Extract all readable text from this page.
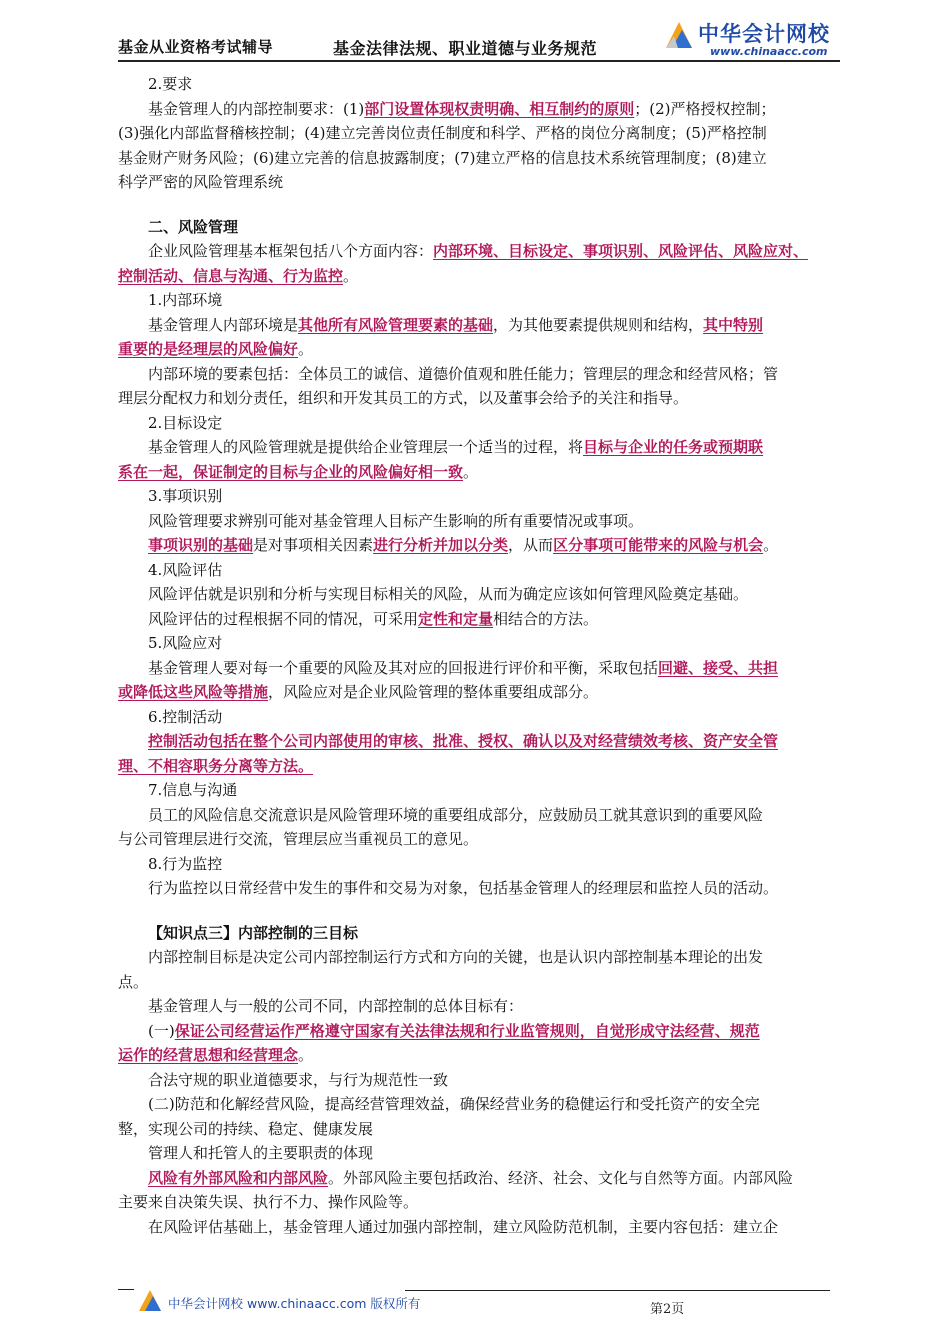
基金从业资格考试辅导	基金法律法规、职业道德与业务规范
中华会计网校
www.chinaacc.com
2.要求
基金管理人的内部控制要求：(1)部门设置体现权责明确、相互制约的原则；(2)严格授权控制；
(3)强化内部监督稽核控制；(4)建立完善岗位责任制度和科学、严格的岗位分离制度；(5)严格控制
基金财产财务风险；(6)建立完善的信息披露制度；(7)建立严格的信息技术系统管理制度；(8)建立
科学严密的风险管理系统
二、风险管理
企业风险管理基本框架包括八个方面内容：内部环境、目标设定、事项识别、风险评估、风险应对、
控制活动、信息与沟通、行为监控。
1.内部环境
基金管理人内部环境是其他所有风险管理要素的基础，为其他要素提供规则和结构，其中特别
重要的是经理层的风险偏好。
内部环境的要素包括：全体员工的诚信、道德价值观和胜任能力；管理层的理念和经营风格；管
理层分配权力和划分责任，组织和开发其员工的方式，以及董事会给予的关注和指导。
2.目标设定
基金管理人的风险管理就是提供给企业管理层一个适当的过程，将目标与企业的任务或预期联
系在一起，保证制定的目标与企业的风险偏好相一致。
3.事项识别
风险管理要求辨别可能对基金管理人目标产生影响的所有重要情况或事项。
事项识别的基础是对事项相关因素进行分析并加以分类，从而区分事项可能带来的风险与机会。
4.风险评估
风险评估就是识别和分析与实现目标相关的风险，从而为确定应该如何管理风险奠定基础。
风险评估的过程根据不同的情况，可采用定性和定量相结合的方法。
5.风险应对
基金管理人要对每一个重要的风险及其对应的回报进行评价和平衡，采取包括回避、接受、共担
或降低这些风险等措施，风险应对是企业风险管理的整体重要组成部分。
6.控制活动
控制活动包括在整个公司内部使用的审核、批准、授权、确认以及对经营绩效考核、资产安全管
理、不相容职务分离等方法。
7.信息与沟通
员工的风险信息交流意识是风险管理环境的重要组成部分，应鼓励员工就其意识到的重要风险
与公司管理层进行交流，管理层应当重视员工的意见。
8.行为监控
行为监控以日常经营中发生的事件和交易为对象，包括基金管理人的经理层和监控人员的活动。
【知识点三】内部控制的三目标
内部控制目标是决定公司内部控制运行方式和方向的关键，也是认识内部控制基本理论的出发
点。
基金管理人与一般的公司不同，内部控制的总体目标有：
(一)保证公司经营运作严格遵守国家有关法律法规和行业监管规则，自觉形成守法经营、规范
运作的经营思想和经营理念。
合法守规的职业道德要求，与行为规范性一致
(二)防范和化解经营风险，提高经营管理效益，确保经营业务的稳健运行和受托资产的安全完
整，实现公司的持续、稳定、健康发展
管理人和托管人的主要职责的体现
风险有外部风险和内部风险。外部风险主要包括政治、经济、社会、文化与自然等方面。内部风险
主要来自决策失误、执行不力、操作风险等。
在风险评估基础上，基金管理人通过加强内部控制，建立风险防范机制，主要内容包括：建立企
中华会计网校 www.chinaacc.com 版权所有	第2页
